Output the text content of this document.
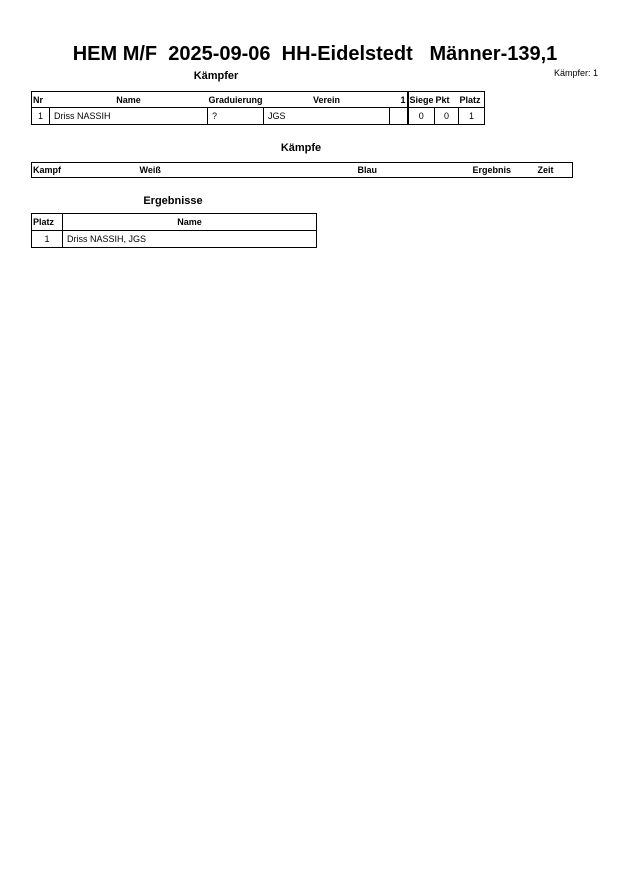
HEM M/F  2025-09-06  HH-Eidelstedt   Männer-139,1
Kämpfer: 1
Kämpfer
Nr	Name	Graduierung	Verein	1	Siege	Pkt	Platz
1	Driss NASSIH	?	JGS		0	0	1
Kämpfe
Kampf	Weiß	Blau	Ergebnis	Zeit
Ergebnisse
Platz	Name
1	Driss NASSIH, JGS
